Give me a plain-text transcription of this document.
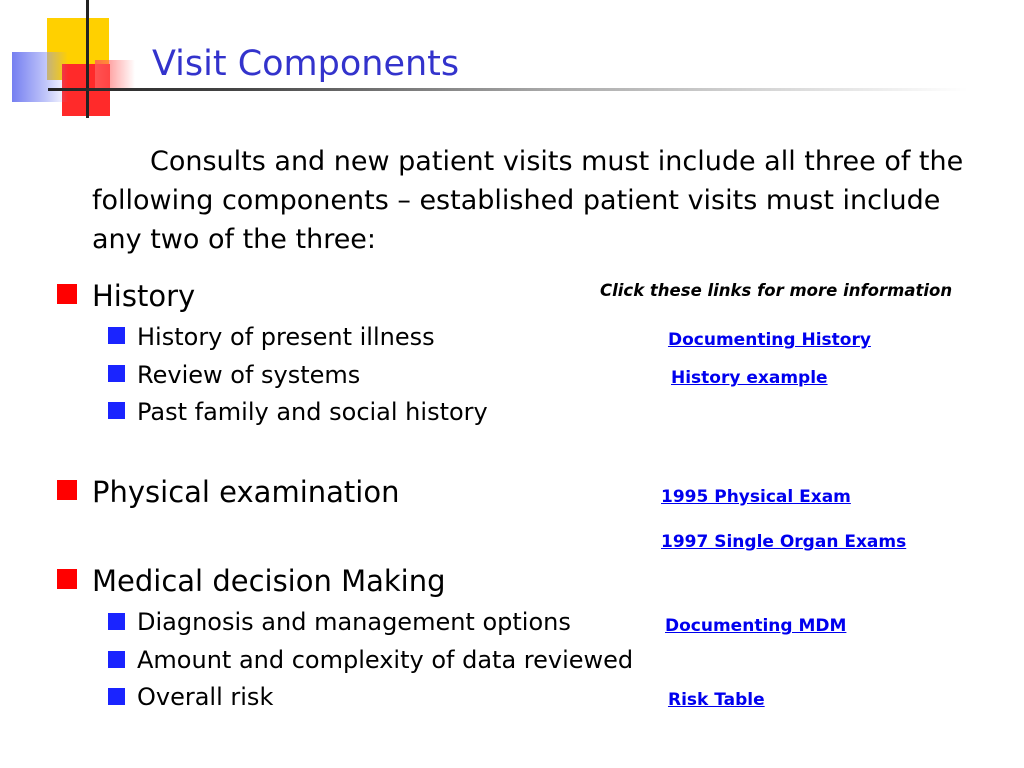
Visit Components
Consults and new patient visits must include all three of the following components – established patient visits must include any two of the three:
Click these links for more information
History
History of present illness	Documenting History
Review of systems	History example
Past family and social history
Physical examination	1995 Physical Exam
1997 Single Organ Exams
Medical decision Making
Diagnosis and management options	Documenting MDM
Amount and complexity of data reviewed
Overall risk	Risk Table
